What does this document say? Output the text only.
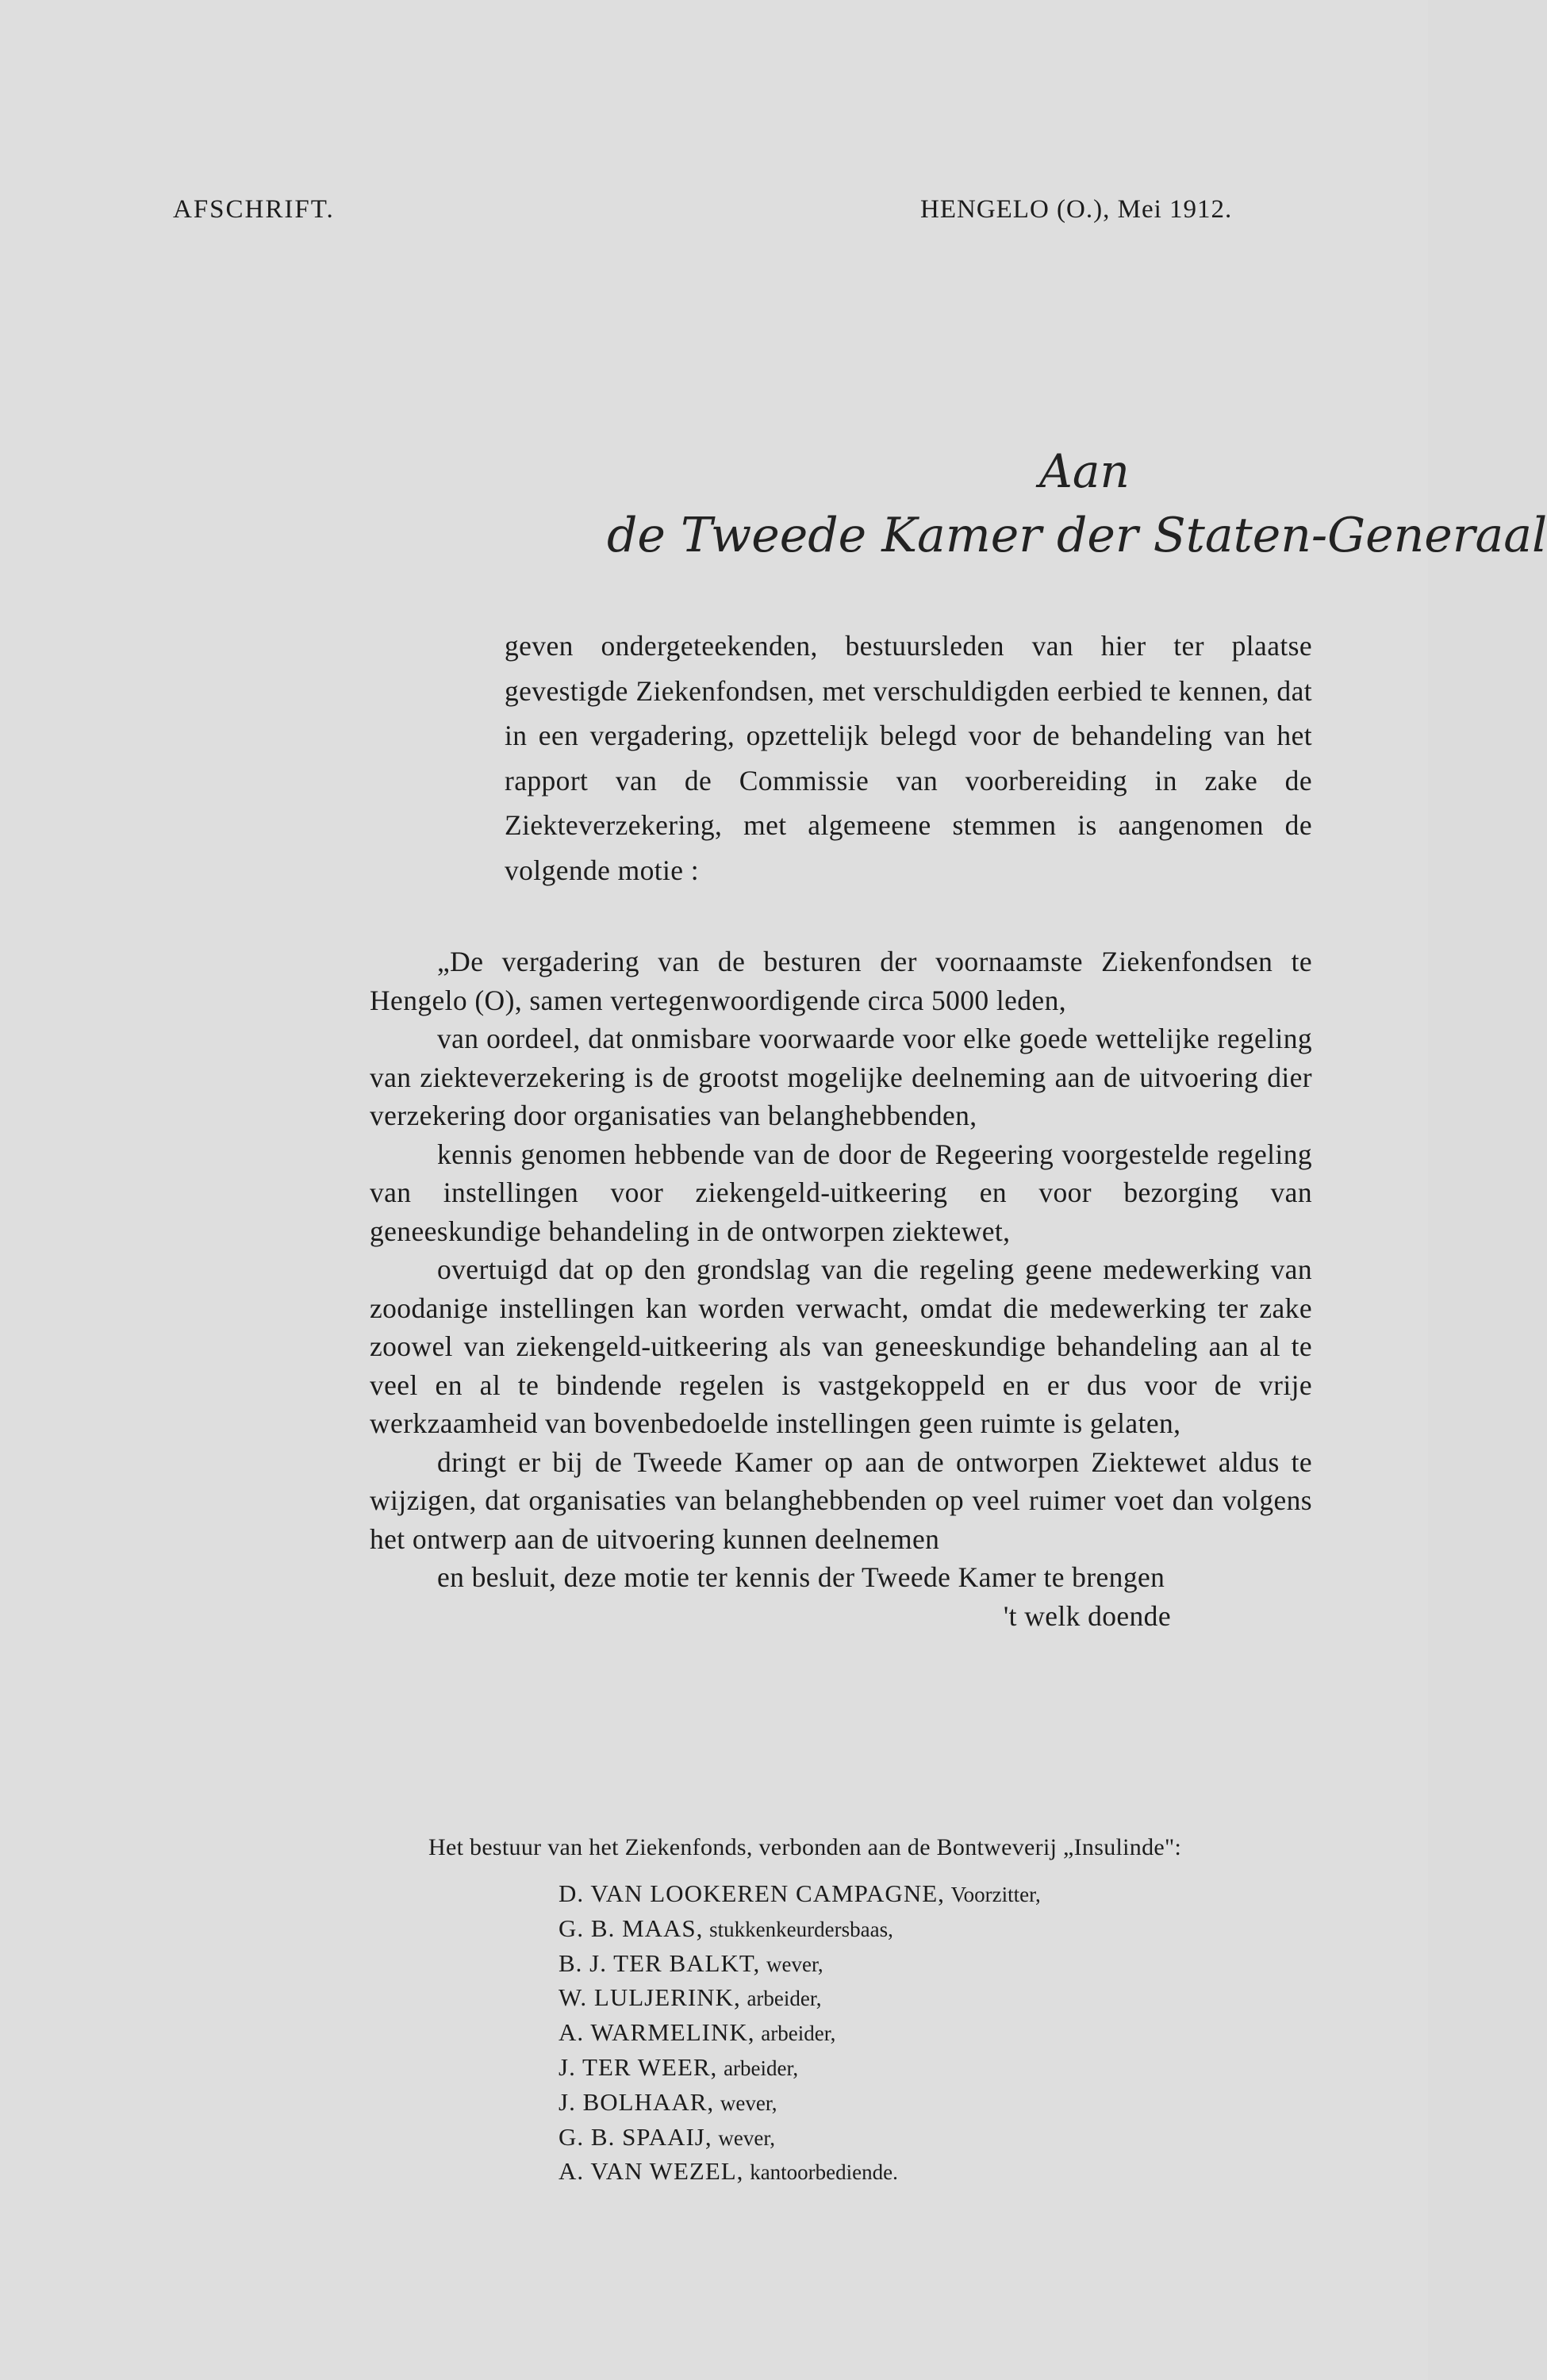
AFSCHRIFT.	HENGELO (O.), Mei 1912.
Aan
de Tweede Kamer der Staten-Generaal
geven ondergeteekenden, bestuursleden van hier ter plaatse gevestigde Ziekenfondsen, met verschuldigden eerbied te kennen, dat in een vergadering, opzettelijk belegd voor de behandeling van het rapport van de Commissie van voorbereiding in zake de Ziekteverzekering, met algemeene stemmen is aangenomen de volgende motie :

„De vergadering van de besturen der voornaamste Ziekenfondsen te Hengelo (O), samen vertegenwoordigende circa 5000 leden,

van oordeel, dat onmisbare voorwaarde voor elke goede wettelijke regeling van ziekteverzekering is de grootst mogelijke deelneming aan de uitvoering dier verzekering door organisaties van belanghebbenden,

kennis genomen hebbende van de door de Regeering voorgestelde regeling van instellingen voor ziekengeld-uitkeering en voor bezorging van geneeskundige behandeling in de ontworpen ziektewet,

overtuigd dat op den grondslag van die regeling geene medewerking van zoodanige instellingen kan worden verwacht, omdat die medewerking ter zake zoowel van ziekengeld-uitkeering als van geneeskundige behandeling aan al te veel en al te bindende regelen is vastgekoppeld en er dus voor de vrije werkzaamheid van bovenbedoelde instellingen geen ruimte is gelaten,

dringt er bij de Tweede Kamer op aan de ontworpen Ziektewet aldus te wijzigen, dat organisaties van belanghebbenden op veel ruimer voet dan volgens het ontwerp aan de uitvoering kunnen deelnemen

en besluit, deze motie ter kennis der Tweede Kamer te brengen

't welk doende
Het bestuur van het Ziekenfonds, verbonden aan de Bontweverij „Insulinde":
D. VAN LOOKEREN CAMPAGNE, Voorzitter,
G. B. MAAS, stukkenkeurdersbaas,
B. J. TER BALKT, wever,
W. LULJERINK, arbeider,
A. WARMELINK, arbeider,
J. TER WEER, arbeider,
J. BOLHAAR, wever,
G. B. SPAAIJ, wever,
A. VAN WEZEL, kantoorbediende.
